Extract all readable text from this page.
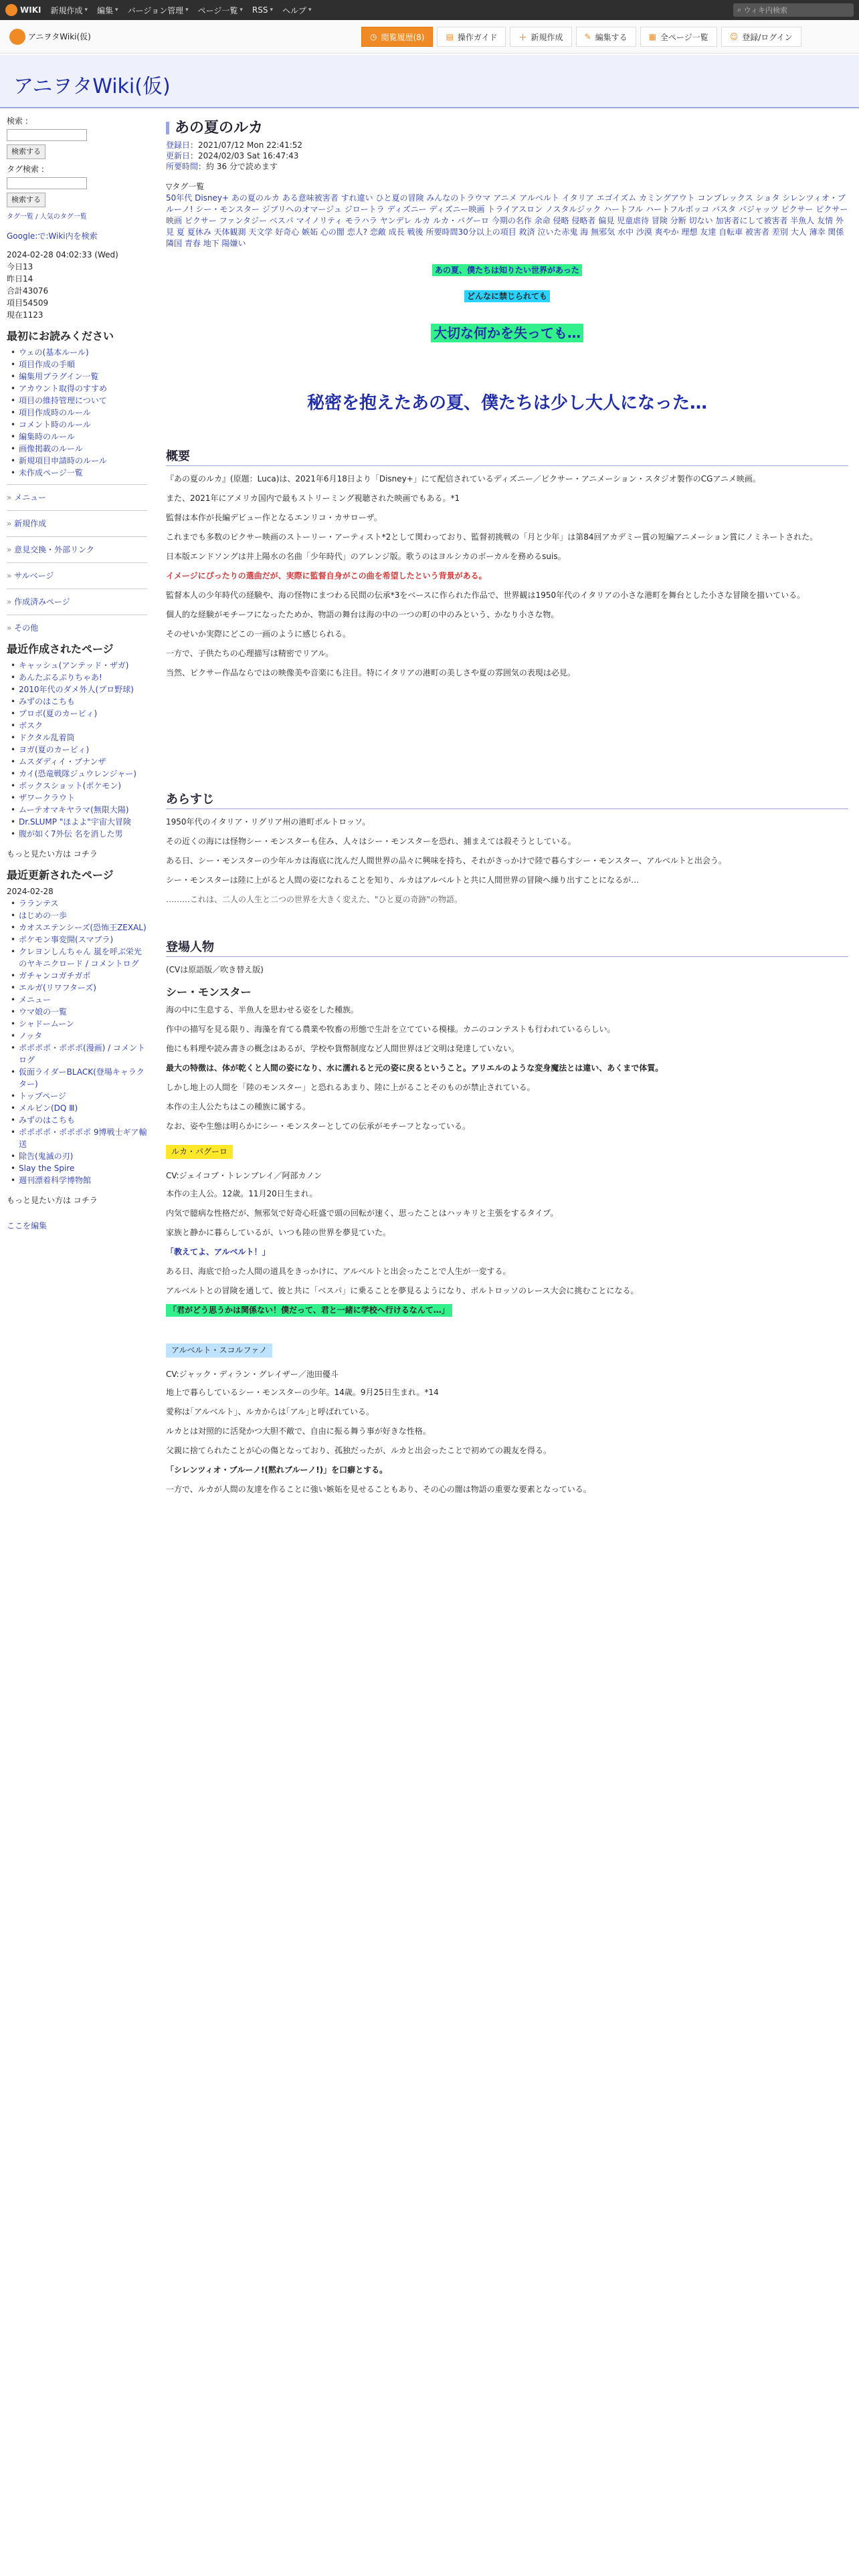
WIKI 新規作成
▾ 編集
▾ バージョン管理
▾ ページ一覧
▾ RSS
▾ ヘルプ
▾	⌕ ウィキ内検索
アニヲタWiki(仮)	◷ 閲覧履歴(8)	▤ 操作ガイド	＋ 新規作成	✎ 編集する	▦ 全ページ一覧	☺ 登録/ログイン
アニヲタWiki(仮)
検索 :
検索する
タグ検索 :
検索する
タグ一覧 / 人気のタグ一覧
Google:で:Wiki内を検索
2024-02-28 04:02:33 (Wed)
今日13
昨日14
合計43076
項目54509
現在1123
最初にお読みください
• ウェの(基本ルール)
• 項目作成の手順
• 編集用プラグイン一覧
• アカウント取得のすすめ
• 項目の維持管理について
• 項目作成時のルール
• コメント時のルール
• 編集時のルール
• 画像掲載のルール
• 新規項目申請時のルール
• 未作成ページ一覧
» メニュー
» 新規作成
» 意見交換・外部リンク
» サルベージ
» 作成済みページ
» その他
最近作成されたページ
• キャッシュ(アンテッド・ザガ)
• あんたぶるぷりちゃあ!
• 2010年代のダメ外人(プロ野球)
• みずのはこちも
• プロボ(夏のカービィ)
• ボスク
• ドクタル乱着筒
• ヨガ(夏のカービィ)
• ムスダディイ・ブナンザ
• カイ(恐竜戦隊ジュウレンジャー)
• ボックスショット(ポケモン)
• ザワークラウト
• ムーテオマキヤラマ(無限大陽)
• Dr.SLUMP "ほよよ"宇宙大冒険
• 腹が如く7外伝 名を消した男
もっと見たい方は コチラ
最近更新されたページ
2024-02-28
• ラランテス
• はじめの一歩
• カオスエテンシーズ(恐怖王ZEXAL)
• ポケモン事変開(スマブラ)
• クレヨンしんちゃん 嵐を呼ぶ栄光のヤキニクロード / コメントログ
• ガチャンコガチガポ
• エルガ(リワフターズ)
• メニュー
• ウマ娘の一覧
• シャドームーン
• ノッタ
• ポポポポ・ポポポ(漫画) / コメントログ
• 仮面ライダーBLACK(登場キャラクター)
• トップページ
• メルビン(DQ Ⅲ)
• みずのはこちも
• ポポポポ・ポポポポ 9博戦士ギア輸送
• 除告(鬼滅の刃)
• Slay the Spire
• 週刊漂着科学博物館
もっと見たい方は コチラ
ここを編集
あの夏のルカ
登録日：2021/07/12 Mon 22:41:52
更新日：2024/02/03 Sat 16:47:43
所要時間：約 36 分で読めます
▽タグ一覧
50年代 Disney+ あの夏のルカ ある意味被害者 すれ違い ひと夏の冒険 みんなのトラウマ アニメ アルベルト イタリア エゴイズム カミングアウト コンプレックス ショタ シレンツィオ・ブルーノ! シー・モンスター ジブリへのオマージュ ジロートラ ディズニー ディズニー映画 トライアスロン ノスタルジック ハートフル ハートフルボッコ バスタ パジャッツ ピクサー ピクサー映画 ピクサー ファンタジー ベスパ マイノリティ モラハラ ヤンデレ ルカ ルカ・パグーロ 今期の名作 余命 侵略 侵略者 偏見 児童虐待 冒険 分断 切ない 加害者にして被害者 半魚人 友情 外見 夏 夏休み 天体観測 天文学 好奇心 嫉妬 心の闇 恋人? 恋敵 成長 戦後 所要時間30分以上の項目 救済 泣いた赤鬼 海 無邪気 水中 沙漠 爽やか 理想 友達 自転車 被害者 差別 大人 薄幸 関係 隣国 青春 地下 陽嫌い
あの夏、僕たちは知りたい世界があった
どんなに禁じられても
大切な何かを失っても…
秘密を抱えたあの夏、僕たちは少し大人になった…
概要

『あの夏のルカ』(原題：Luca)は、2021年6月18日より「Disney+」にて配信されているディズニー／ピクサー・アニメーション・スタジオ製作のCGアニメ映画。

また、2021年にアメリカ国内で最もストリーミング視聴された映画でもある。*1

監督は本作が長編デビュー作となるエンリコ・カサローザ。

これまでも多数のピクサー映画のストーリー・アーティスト*2として関わっており、監督初挑戦の「月と少年」は第84回アカデミー賞の短編アニメーション賞にノミネートされた。

日本版エンドソングは井上陽水の名曲「少年時代」のアレンジ版。歌うのはヨルシカのボーカルを務めるsuis。

イメージにぴったりの選曲だが、実際に監督自身がこの曲を希望したという背景がある。

監督本人の少年時代の経験や、海の怪物にまつわる民間の伝承*3をベースに作られた作品で、世界観は1950年代のイタリアの小さな港町を舞台とした小さな冒険を描いている。

個人的な経験がモチーフになったためか、物語の舞台は海の中の一つの町の中のみという、かなり小さな物。

そのせいか実際にどこの一画のように感じられる。

一方で、子供たちの心理描写は精密でリアル。

当然、ピクサー作品ならではの映像美や音楽にも注目。特にイタリアの港町の美しさや夏の雰囲気の表現は必見。

あらすじ

1950年代のイタリア・リグリア州の港町ポルトロッソ。

その近くの海には怪物シー・モンスターも住み、人々はシー・モンスターを恐れ、捕まえては殺そうとしている。

ある日、シー・モンスターの少年ルカは海底に沈んだ人間世界の品々に興味を持ち、それがきっかけで陸で暮らすシー・モンスター、アルベルトと出会う。

シー・モンスターは陸に上がると人間の姿になれることを知り、ルカはアルベルトと共に人間世界の冒険へ繰り出すことになるが…

………これは、二人の人生と二つの世界を大きく変えた、"ひと夏の奇跡"の物語。

登場人物

(CVは原語版／吹き替え版)

シー・モンスター

海の中に生息する、半魚人を思わせる姿をした種族。

作中の描写を見る限り、海藻を育てる農業や牧畜の形態で生計を立てている模様。カニのコンテストも行われているらしい。

他にも料理や読み書きの概念はあるが、学校や貨幣制度など人間世界ほど文明は発達していない。

最大の特徴は、体が乾くと人間の姿になり、水に濡れると元の姿に戻るということ。アリエルのような変身魔法とは違い、あくまで体質。

しかし地上の人間を「陸のモンスター」と恐れるあまり、陸に上がることそのものが禁止されている。

本作の主人公たちはこの種族に属する。

なお、姿や生態は明らかにシー・モンスターとしての伝承がモチーフとなっている。

ルカ・パグーロ
CV:ジェイコブ・トレンブレイ／阿部カノン

本作の主人公。12歳。11月20日生まれ。

内気で臆病な性格だが、無邪気で好奇心旺盛で頭の回転が速く、思ったことはハッキリと主張をするタイプ。

家族と静かに暮らしているが、いつも陸の世界を夢見ていた。

「教えてよ、アルベルト！」

ある日、海底で拾った人間の道具をきっかけに、アルベルトと出会ったことで人生が一変する。

アルベルトとの冒険を通して、彼と共に「ベスパ」に乗ることを夢見るようになり、ポルトロッソのレース大会に挑むことになる。

「君がどう思うかは関係ない！僕だって、君と一緒に学校へ行けるなんて…」

アルベルト・スコルファノ
CV:ジャック・ディラン・グレイザー／池田優斗

地上で暮らしているシー・モンスターの少年。14歳。9月25日生まれ。*14

愛称は｢アルベルト｣、ルカからは｢アル｣と呼ばれている。

ルカとは対照的に活発かつ大胆不敵で、自由に振る舞う事が好きな性格。

父親に捨てられたことが心の傷となっており、孤独だったが、ルカと出会ったことで初めての親友を得る。

「シレンツィオ・ブルーノ!(黙れブルーノ!)」を口癖とする。

一方で、ルカが人間の友達を作ることに強い嫉妬を見せることもあり、その心の闇は物語の重要な要素となっている。
